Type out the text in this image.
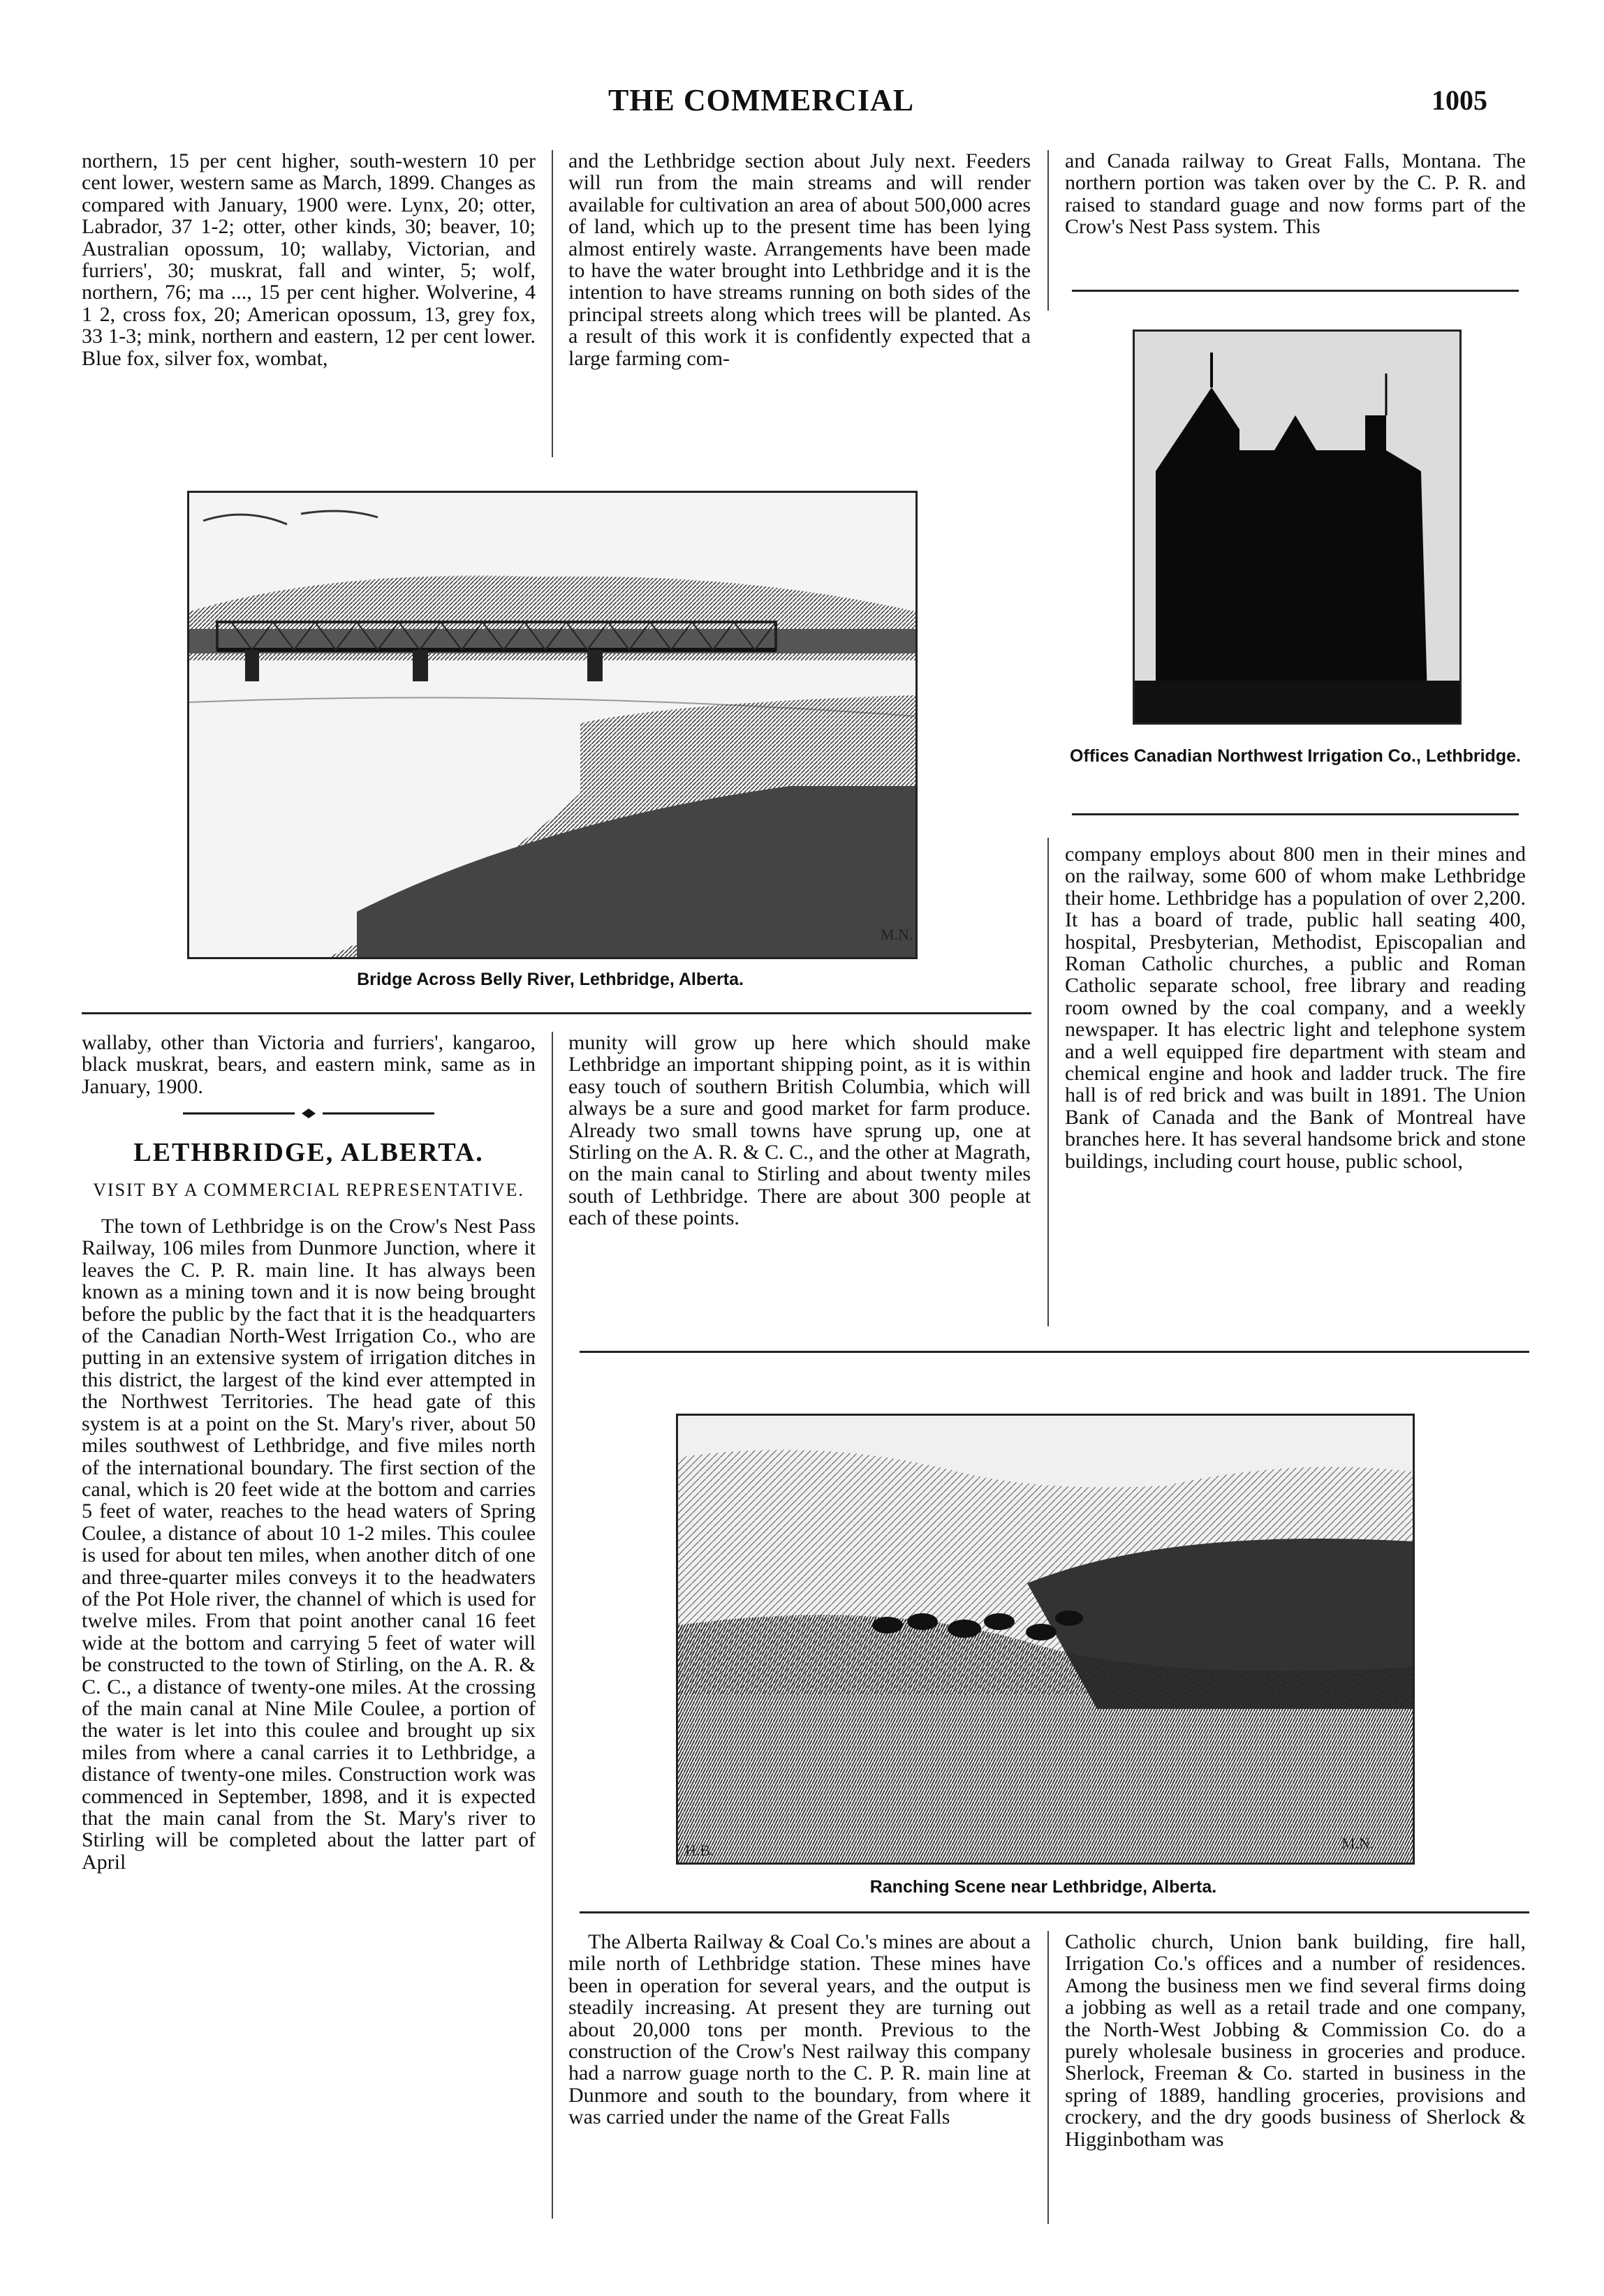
THE COMMERCIAL	1005

northern, 15 per cent higher, south-western 10 per cent lower, western same as March, 1899. Changes as compared with January, 1900 were. Lynx, 20; otter, Labrador, 37 1-2; otter, other kinds, 30; beaver, 10; Australian opossum, 10; wallaby, Victorian, and furriers', 30; muskrat, fall and winter, 5; wolf, northern, 76; ma ..., 15 per cent higher. Wolverine, 4 1 2, cross fox, 20; American opossum, 13, grey fox, 33 1-3; mink, northern and eastern, 12 per cent lower. Blue fox, silver fox, wombat,

and the Lethbridge section about July next. Feeders will run from the main streams and will render available for cultivation an area of about 500,000 acres of land, which up to the present time has been lying almost entirely waste. Arrangements have been made to have the water brought into Lethbridge and it is the intention to have streams running on both sides of the principal streets along which trees will be planted. As a result of this work it is confidently expected that a large farming com-

and Canada railway to Great Falls, Montana. The northern portion was taken over by the C. P. R. and raised to standard guage and now forms part of the Crow's Nest Pass system. This

M.N.
Bridge Across Belly River, Lethbridge, Alberta.
Offices Canadian Northwest Irrigation Co., Lethbridge.

wallaby, other than Victoria and furriers', kangaroo, black muskrat, bears, and eastern mink, same as in January, 1900.

LETHBRIDGE, ALBERTA.
VISIT BY A COMMERCIAL REPRESENTATIVE.

The town of Lethbridge is on the Crow's Nest Pass Railway, 106 miles from Dunmore Junction, where it leaves the C. P. R. main line. It has always been known as a mining town and it is now being brought before the public by the fact that it is the headquarters of the Canadian North-West Irrigation Co., who are putting in an extensive system of irrigation ditches in this district, the largest of the kind ever attempted in the Northwest Territories. The head gate of this system is at a point on the St. Mary's river, about 50 miles southwest of Lethbridge, and five miles north of the international boundary. The first section of the canal, which is 20 feet wide at the bottom and carries 5 feet of water, reaches to the head waters of Spring Coulee, a distance of about 10 1-2 miles. This coulee is used for about ten miles, when another ditch of one and three-quarter miles conveys it to the headwaters of the Pot Hole river, the channel of which is used for twelve miles. From that point another canal 16 feet wide at the bottom and carrying 5 feet of water will be constructed to the town of Stirling, on the A. R. & C. C., a distance of twenty-one miles. At the crossing of the main canal at Nine Mile Coulee, a portion of the water is let into this coulee and brought up six miles from where a canal carries it to Lethbridge, a distance of twenty-one miles. Construction work was commenced in September, 1898, and it is expected that the main canal from the St. Mary's river to Stirling will be completed about the latter part of April

munity will grow up here which should make Lethbridge an important shipping point, as it is within easy touch of southern British Columbia, which will always be a sure and good market for farm produce. Already two small towns have sprung up, one at Stirling on the A. R. & C. C., and the other at Magrath, on the main canal to Stirling and about twenty miles south of Lethbridge. There are about 300 people at each of these points.

company employs about 800 men in their mines and on the railway, some 600 of whom make Lethbridge their home. Lethbridge has a population of over 2,200. It has a board of trade, public hall seating 400, hospital, Presbyterian, Methodist, Episcopalian and Roman Catholic churches, a public and Roman Catholic separate school, free library and reading room owned by the coal company, and a weekly newspaper. It has electric light and telephone system and a well equipped fire department with steam and chemical engine and hook and ladder truck. The fire hall is of red brick and was built in 1891. The Union Bank of Canada and the Bank of Montreal have branches here. It has several handsome brick and stone buildings, including court house, public school,

H.B.	M.N.
Ranching Scene near Lethbridge, Alberta.

The Alberta Railway & Coal Co.'s mines are about a mile north of Lethbridge station. These mines have been in operation for several years, and the output is steadily increasing. At present they are turning out about 20,000 tons per month. Previous to the construction of the Crow's Nest railway this company had a narrow guage north to the C. P. R. main line at Dunmore and south to the boundary, from where it was carried under the name of the Great Falls

Catholic church, Union bank building, fire hall, Irrigation Co.'s offices and a number of residences. Among the business men we find several firms doing a jobbing as well as a retail trade and one company, the North-West Jobbing & Commission Co. do a purely wholesale business in groceries and produce. Sherlock, Freeman & Co. started in business in the spring of 1889, handling groceries, provisions and crockery, and the dry goods business of Sherlock & Higginbotham was
